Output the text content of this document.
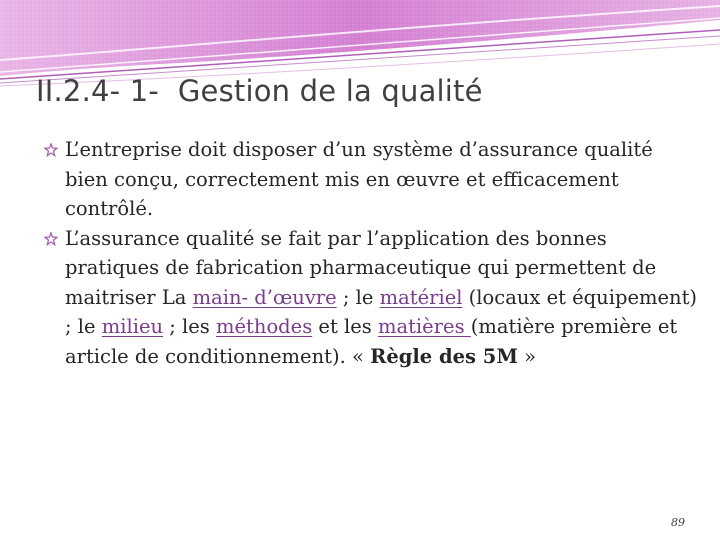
II.2.4- 1-  Gestion de la qualité

L’entreprise doit disposer d’un système d’assurance qualité bien conçu, correctement mis en œuvre et efficacement contrôlé.

L’assurance qualité se fait par l’application des bonnes pratiques de fabrication pharmaceutique qui permettent de maitriser La main- d’œuvre ; le matériel (locaux et équipement) ; le milieu ; les méthodes et les matières (matière première et article de conditionnement). « Règle des 5M »

89
